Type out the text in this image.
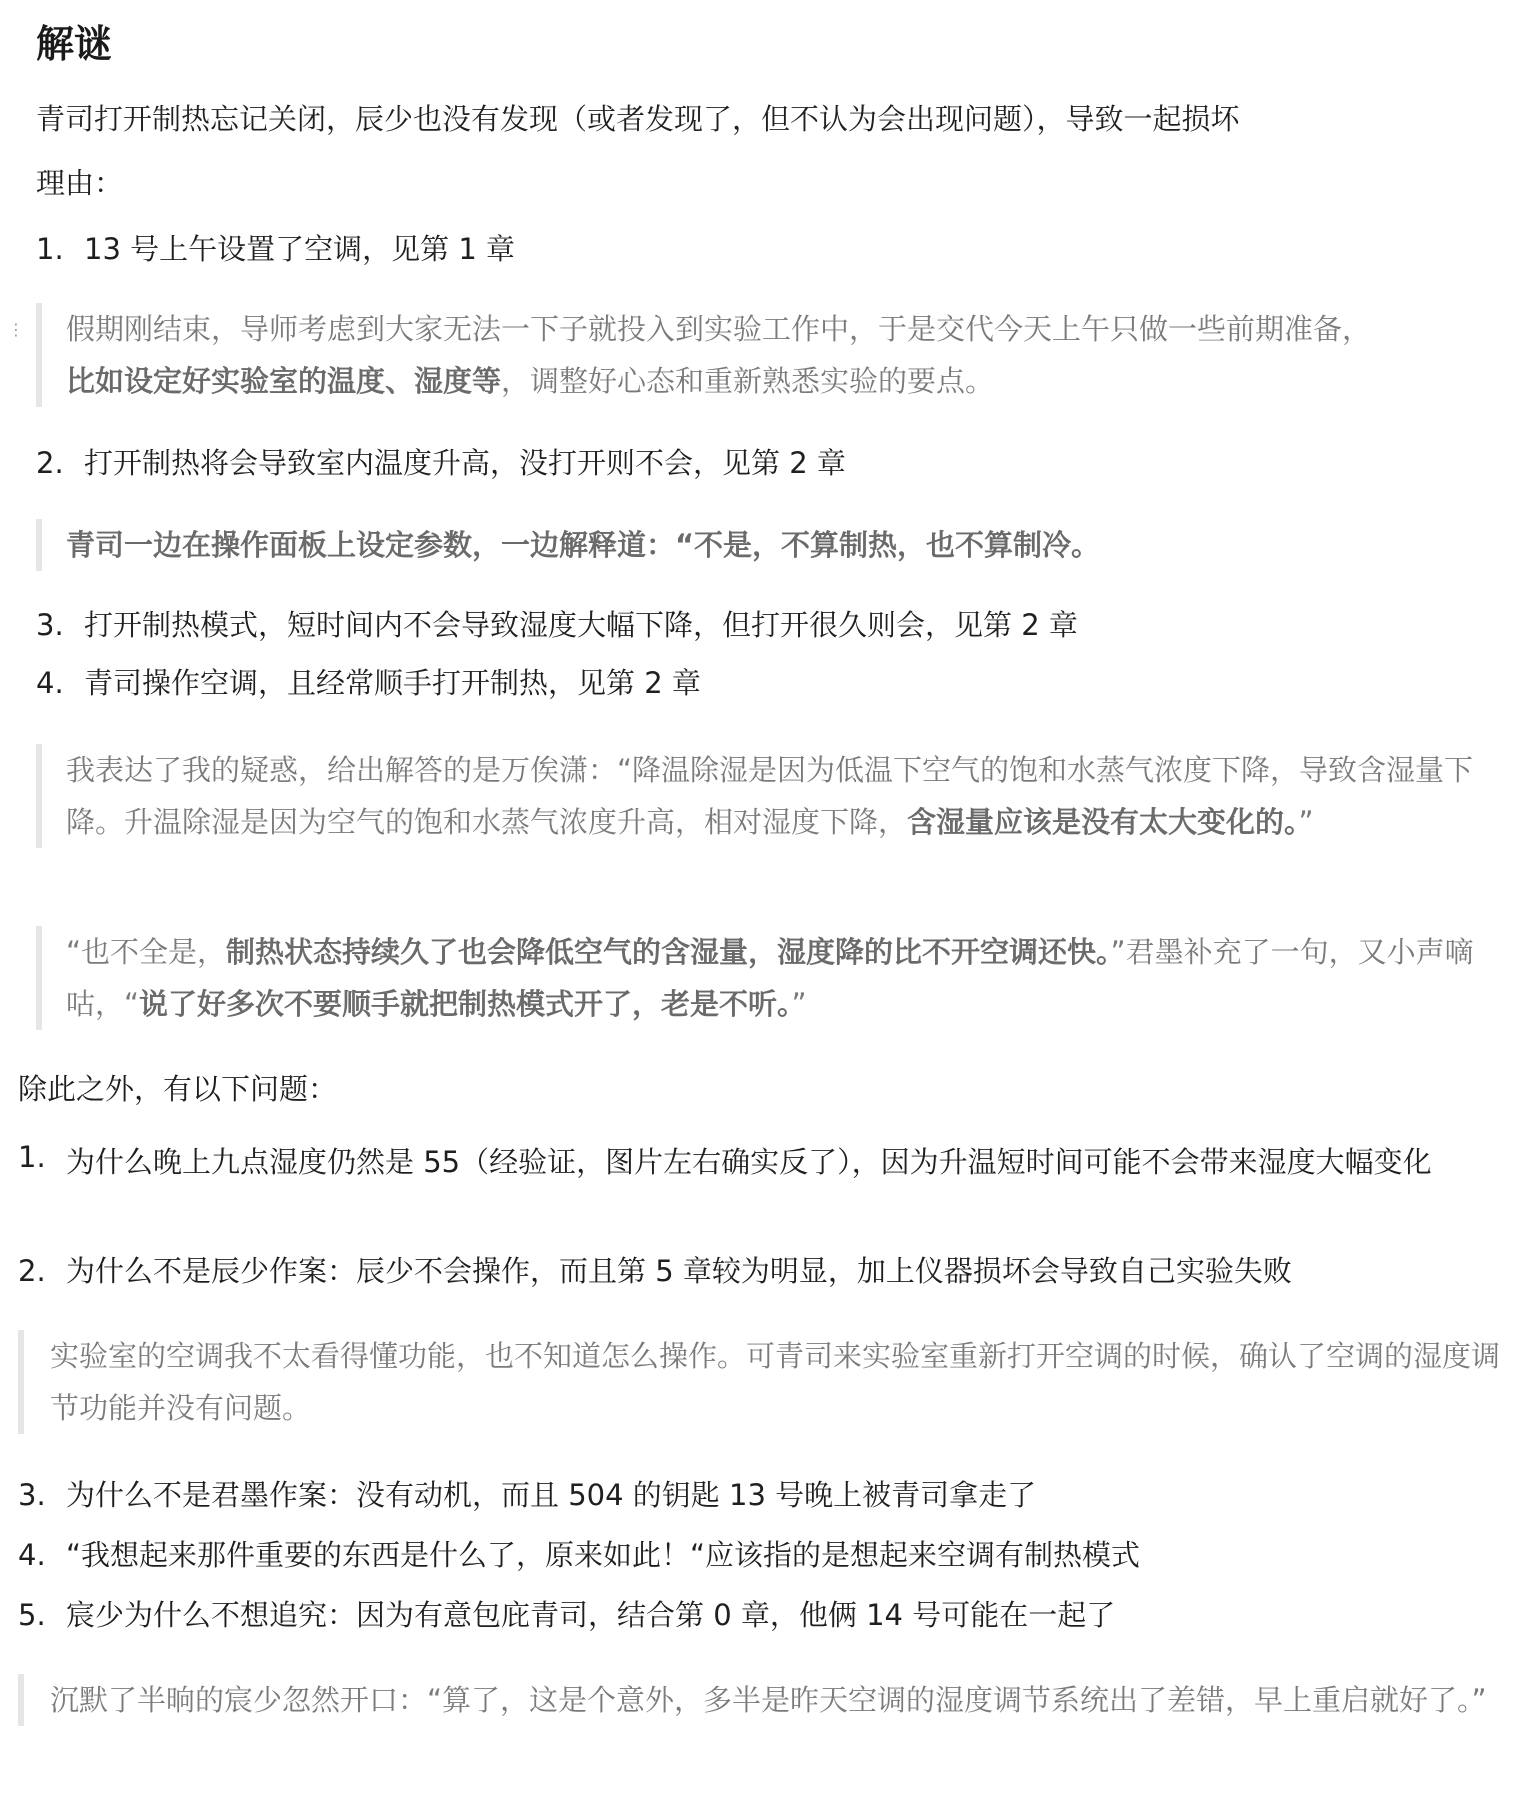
解谜
青司打开制热忘记关闭，辰少也没有发现（或者发现了，但不认为会出现问题），导致一起损坏
理由：
1. 13 号上午设置了空调，见第 1 章
⋮	假期刚结束，导师考虑到大家无法一下子就投入到实验工作中，于是交代今天上午只做一些前期准备，
比如设定好实验室的温度、湿度等，调整好心态和重新熟悉实验的要点。
2. 打开制热将会导致室内温度升高，没打开则不会，见第 2 章
青司一边在操作面板上设定参数，一边解释道：“不是，不算制热，也不算制冷。
3. 打开制热模式，短时间内不会导致湿度大幅下降，但打开很久则会，见第 2 章
4. 青司操作空调，且经常顺手打开制热，见第 2 章
我表达了我的疑惑，给出解答的是万俟潇：“降温除湿是因为低温下空气的饱和水蒸气浓度下降，导致含湿量下降。升温除湿是因为空气的饱和水蒸气浓度升高，相对湿度下降，含湿量应该是没有太大变化的。”
“也不全是，制热状态持续久了也会降低空气的含湿量，湿度降的比不开空调还快。”君墨补充了一句，又小声嘀咕，“说了好多次不要顺手就把制热模式开了，老是不听。”
除此之外，有以下问题：
1. 为什么晚上九点湿度仍然是 55（经验证，图片左右确实反了），因为升温短时间可能不会带来湿度大幅变化
2. 为什么不是辰少作案：辰少不会操作，而且第 5 章较为明显，加上仪器损坏会导致自己实验失败
实验室的空调我不太看得懂功能，也不知道怎么操作。可青司来实验室重新打开空调的时候，确认了空调的湿度调节功能并没有问题。
3. 为什么不是君墨作案：没有动机，而且 504 的钥匙 13 号晚上被青司拿走了
4. “我想起来那件重要的东西是什么了，原来如此！“应该指的是想起来空调有制热模式
5. 宸少为什么不想追究：因为有意包庇青司，结合第 0 章，他俩 14 号可能在一起了
沉默了半晌的宸少忽然开口：“算了，这是个意外，多半是昨天空调的湿度调节系统出了差错，早上重启就好了。”
